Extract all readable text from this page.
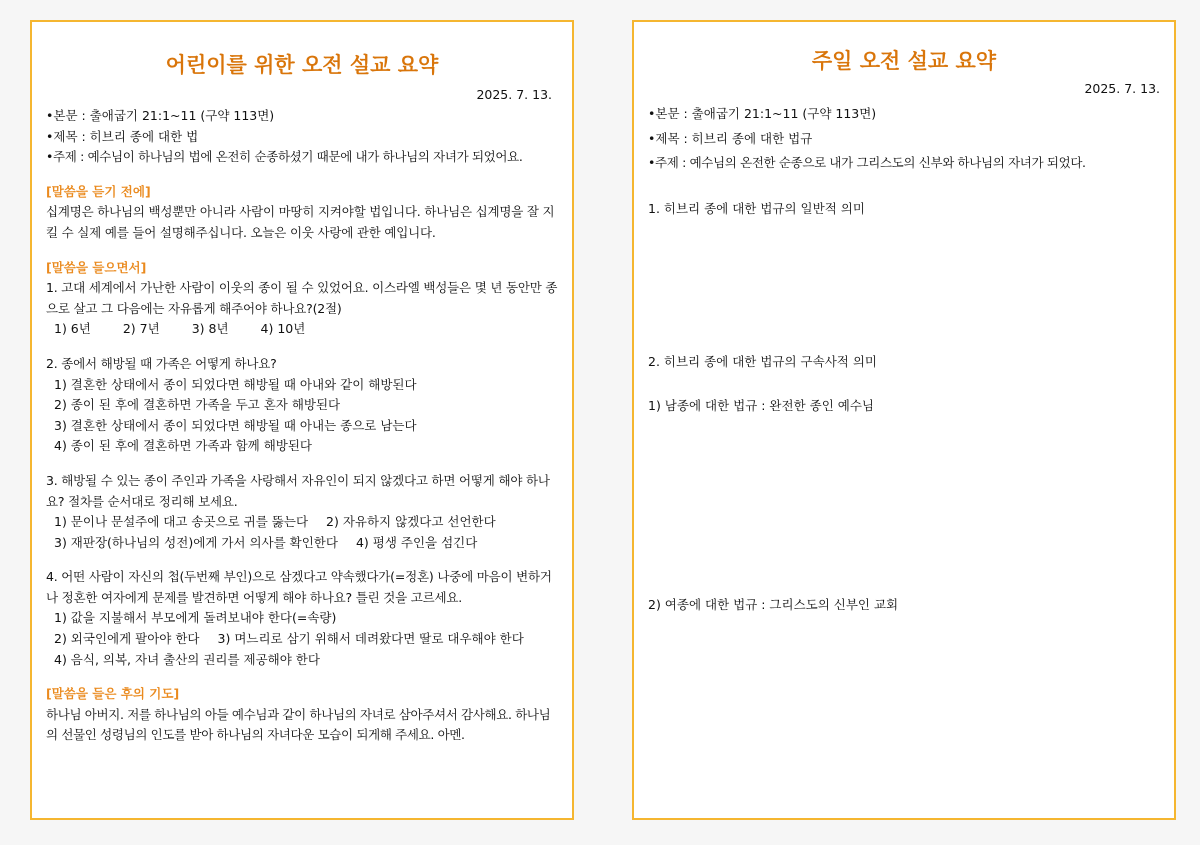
어린이를 위한 오전 설교 요약
2025. 7. 13.
•본문 : 출애굽기 21:1~11 (구약 113면)
•제목 : 히브리 종에 대한 법
•주제 : 예수님이 하나님의 법에 온전히 순종하셨기 때문에 내가 하나님의 자녀가 되었어요.
[말씀을 듣기 전에]
십계명은 하나님의 백성뿐만 아니라 사람이 마땅히 지켜야할 법입니다. 하나님은 십계명을 잘 지킬 수 실제 예를 들어 설명해주십니다. 오늘은 이웃 사랑에 관한 예입니다.
[말씀을 들으면서]
1. 고대 세계에서 가난한 사람이 이웃의 종이 될 수 있었어요. 이스라엘 백성들은 몇 년 동안만 종으로 살고 그 다음에는 자유롭게 해주어야 하나요?(2절)
1) 6년	2) 7년	3) 8년	4) 10년
2. 종에서 해방될 때 가족은 어떻게 하나요?
1) 결혼한 상태에서 종이 되었다면 해방될 때 아내와 같이 해방된다
2) 종이 된 후에 결혼하면 가족을 두고 혼자 해방된다
3) 결혼한 상태에서 종이 되었다면 해방될 때 아내는 종으로 남는다
4) 종이 된 후에 결혼하면 가족과 함께 해방된다
3. 해방될 수 있는 종이 주인과 가족을 사랑해서 자유인이 되지 않겠다고 하면 어떻게 해야 하나요? 절차를 순서대로 정리해 보세요.
1) 문이나 문설주에 대고 송곳으로 귀를 뚫는다 2) 자유하지 않겠다고 선언한다
3) 재판장(하나님의 성전)에게 가서 의사를 확인한다 4) 평생 주인을 섬긴다
4. 어떤 사람이 자신의 첩(두번째 부인)으로 삼겠다고 약속했다가(=정혼) 나중에 마음이 변하거나 정혼한 여자에게 문제를 발견하면 어떻게 해야 하나요? 틀린 것을 고르세요.
1) 값을 지불해서 부모에게 돌려보내야 한다(=속량)
2) 외국인에게 팔아야 한다 3) 며느리로 삼기 위해서 데려왔다면 딸로 대우해야 한다
4) 음식, 의복, 자녀 출산의 권리를 제공해야 한다
[말씀을 들은 후의 기도]
하나님 아버지. 저를 하나님의 아들 예수님과 같이 하나님의 자녀로 삼아주셔서 감사해요. 하나님의 선물인 성령님의 인도를 받아 하나님의 자녀다운 모습이 되게해 주세요. 아멘.
주일 오전 설교 요약
2025. 7. 13.
•본문 : 출애굽기 21:1~11 (구약 113면)
•제목 : 히브리 종에 대한 법규
•주제 : 예수님의 온전한 순종으로 내가 그리스도의 신부와 하나님의 자녀가 되었다.
1. 히브리 종에 대한 법규의 일반적 의미
2. 히브리 종에 대한 법규의 구속사적 의미
1) 남종에 대한 법규 : 완전한 종인 예수님
2) 여종에 대한 법규 : 그리스도의 신부인 교회
